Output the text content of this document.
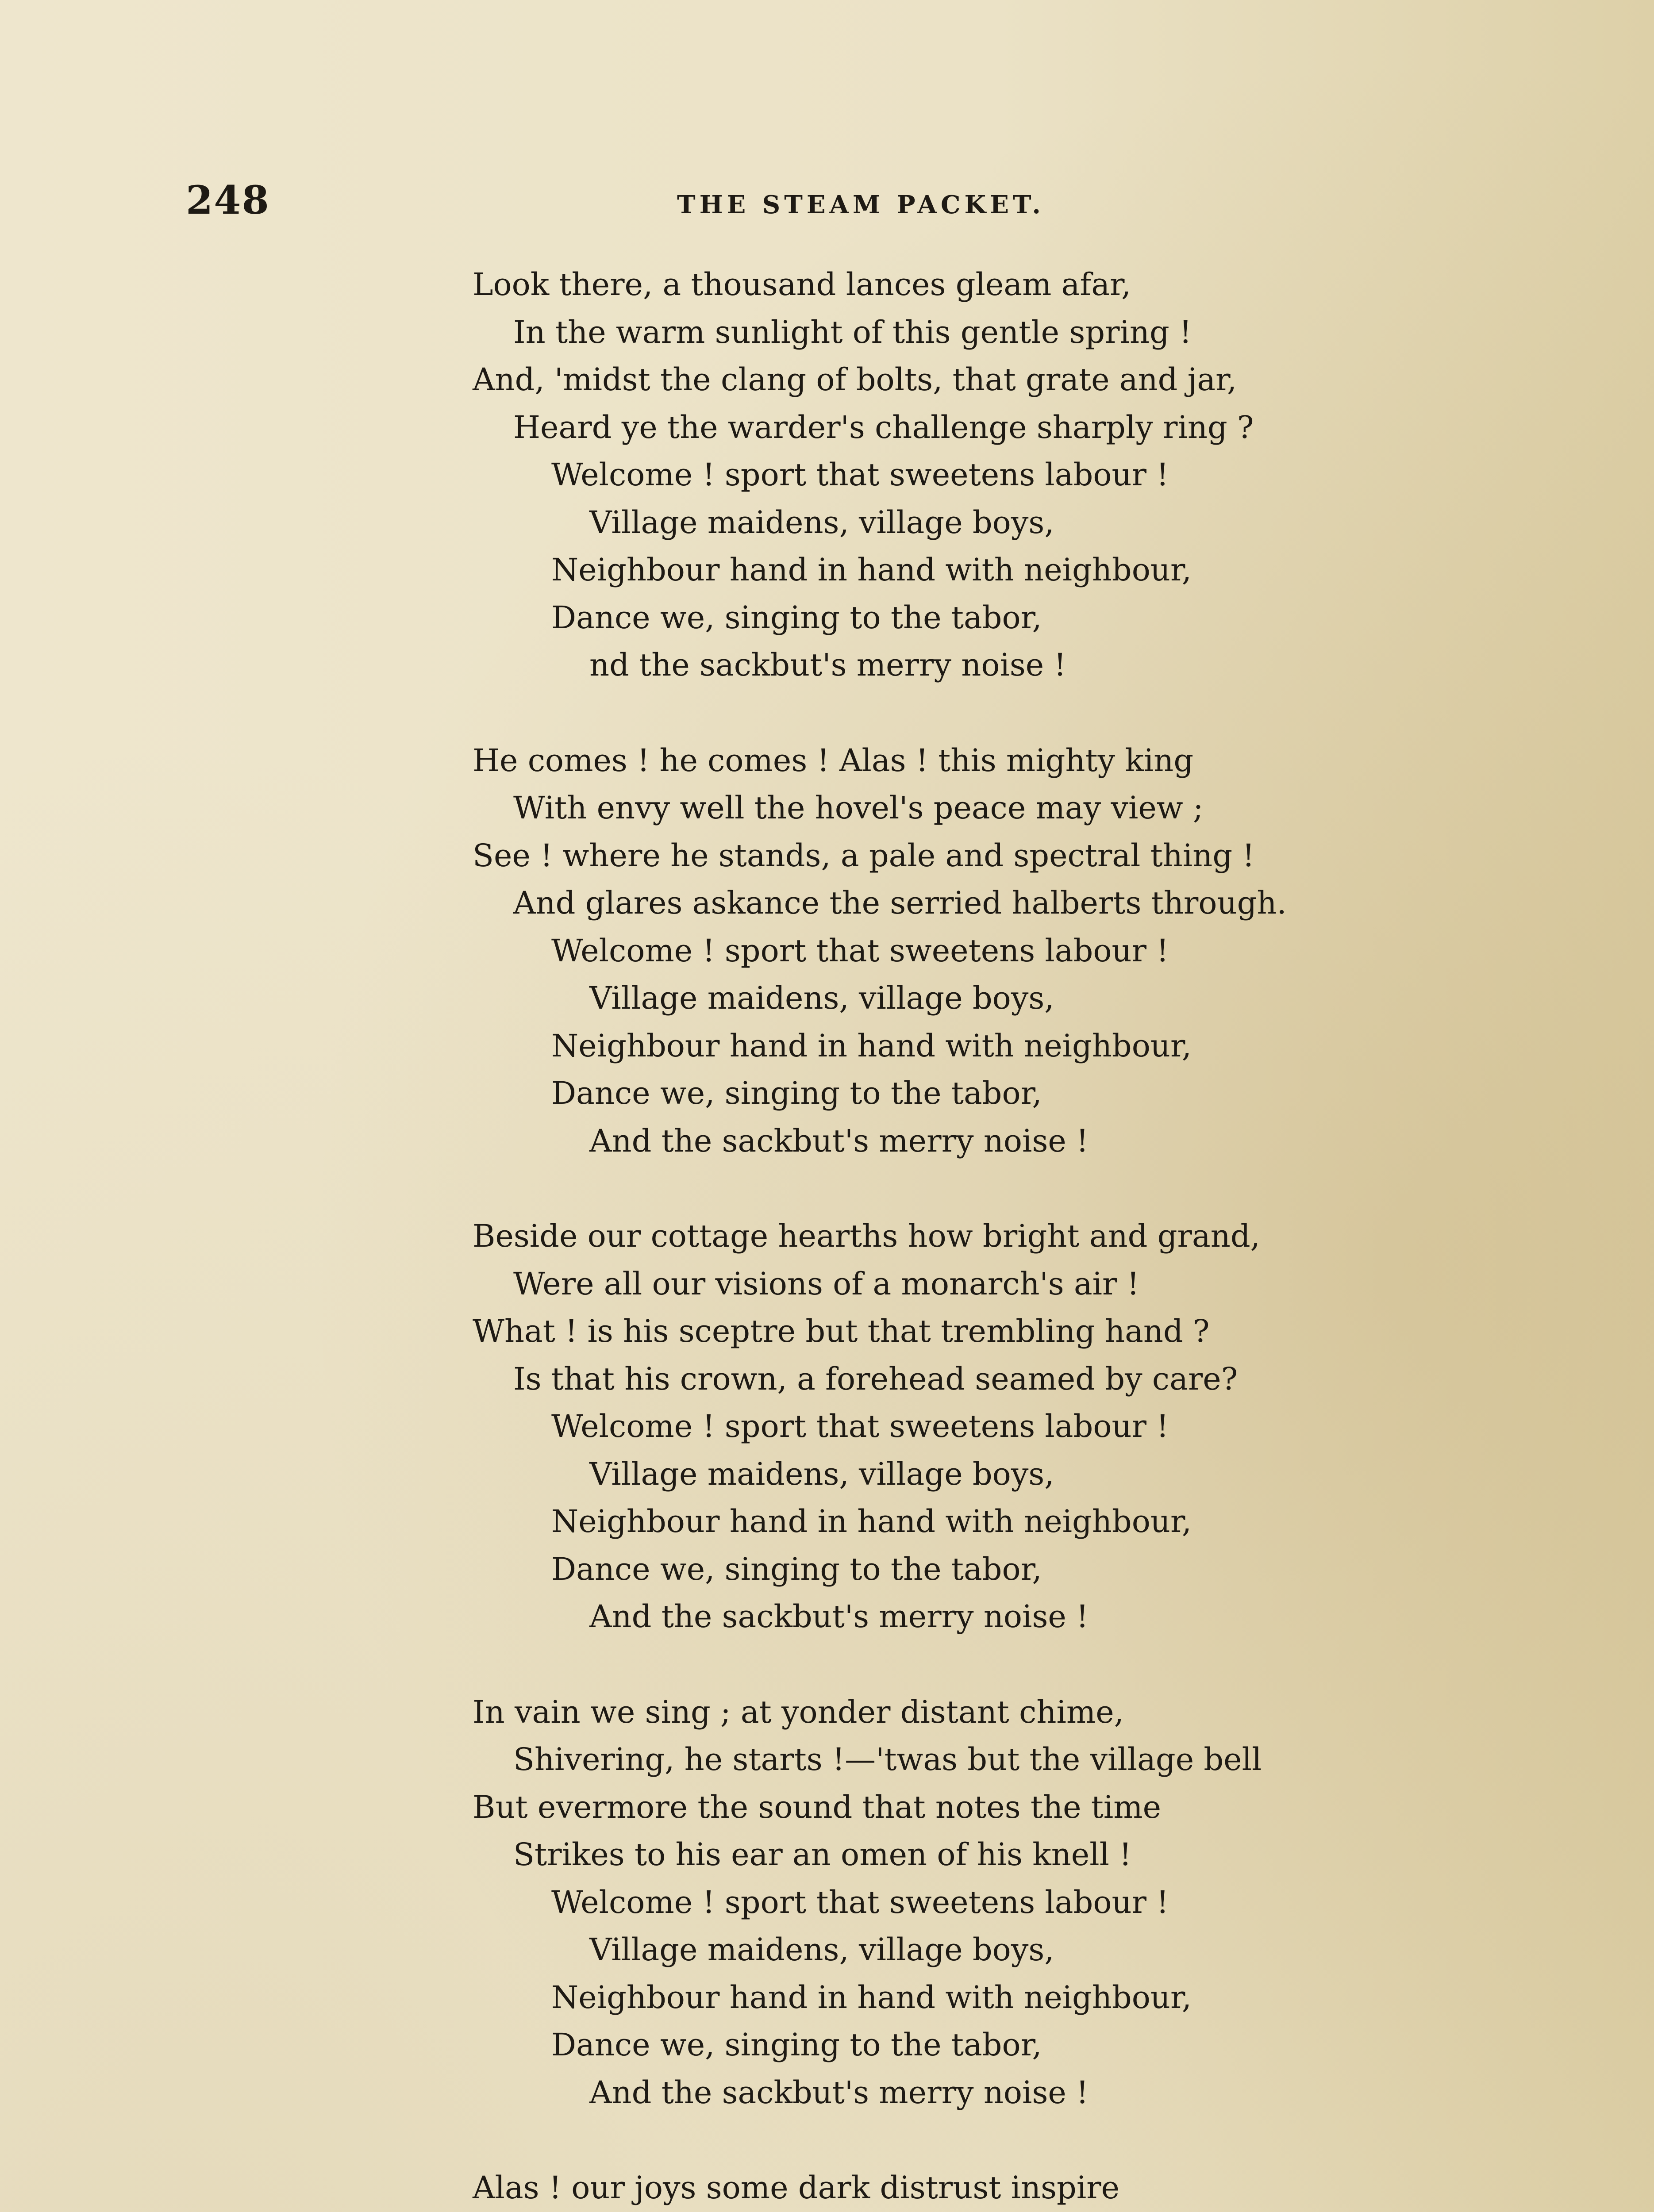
248	THE STEAM PACKET.
Look there, a thousand lances gleam afar,
In the warm sunlight of this gentle spring !
And, 'midst the clang of bolts, that grate and jar,
Heard ye the warder's challenge sharply ring ?
Welcome ! sport that sweetens labour !
Village maidens, village boys,
Neighbour hand in hand with neighbour,
Dance we, singing to the tabor,
nd the sackbut's merry noise !
He comes ! he comes ! Alas ! this mighty king
With envy well the hovel's peace may view ;
See ! where he stands, a pale and spectral thing !
And glares askance the serried halberts through.
Welcome ! sport that sweetens labour !
Village maidens, village boys,
Neighbour hand in hand with neighbour,
Dance we, singing to the tabor,
And the sackbut's merry noise !
Beside our cottage hearths how bright and grand,
Were all our visions of a monarch's air !
What ! is his sceptre but that trembling hand ?
Is that his crown, a forehead seamed by care?
Welcome ! sport that sweetens labour !
Village maidens, village boys,
Neighbour hand in hand with neighbour,
Dance we, singing to the tabor,
And the sackbut's merry noise !
In vain we sing ; at yonder distant chime,
Shivering, he starts !—'twas but the village bell
But evermore the sound that notes the time
Strikes to his ear an omen of his knell !
Welcome ! sport that sweetens labour !
Village maidens, village boys,
Neighbour hand in hand with neighbour,
Dance we, singing to the tabor,
And the sackbut's merry noise !
Alas ! our joys some dark distrust inspire
